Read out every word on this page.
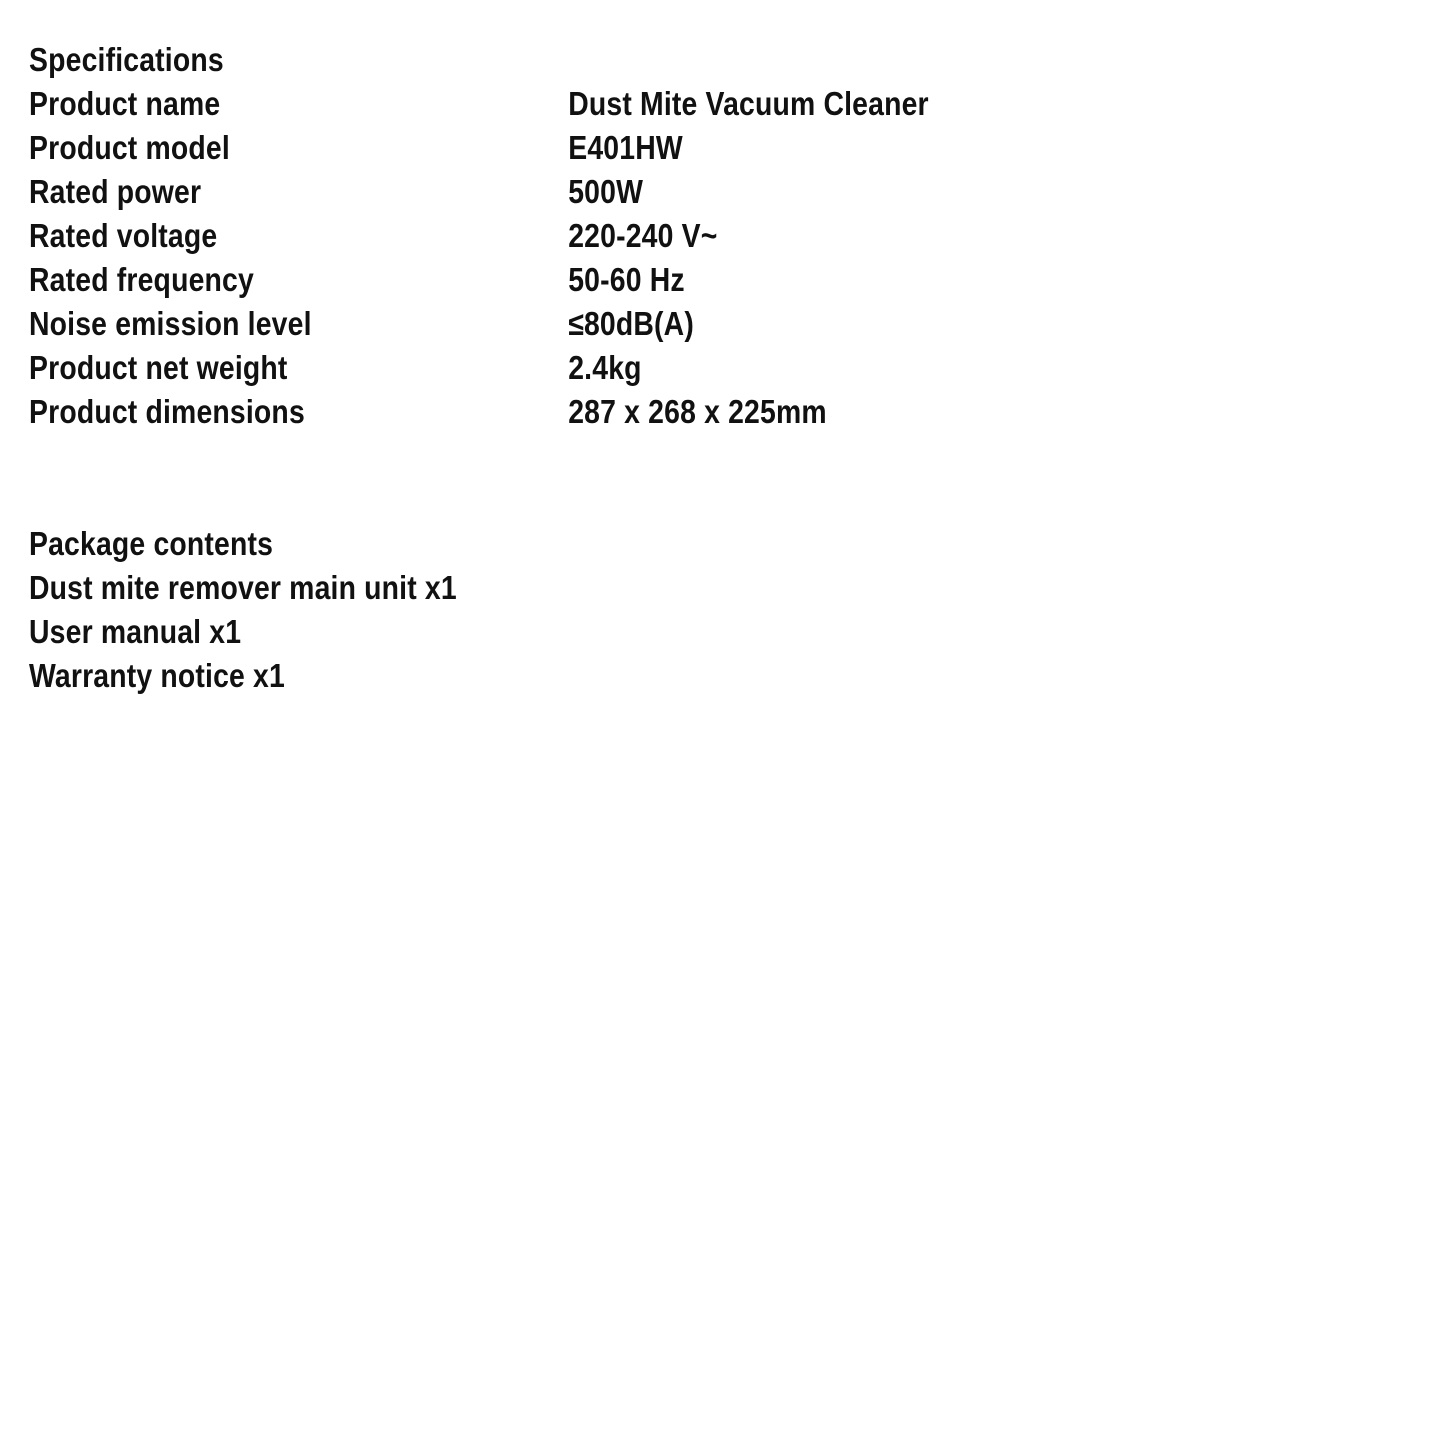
Specifications
Product name	Dust Mite Vacuum Cleaner
Product model	E401HW
Rated power	500W
Rated voltage	220-240 V~
Rated frequency	50-60 Hz
Noise emission level	≤80dB(A)
Product net weight	2.4kg
Product dimensions	287 x 268 x 225mm
Package contents
Dust mite remover main unit x1
User manual x1
Warranty notice x1
